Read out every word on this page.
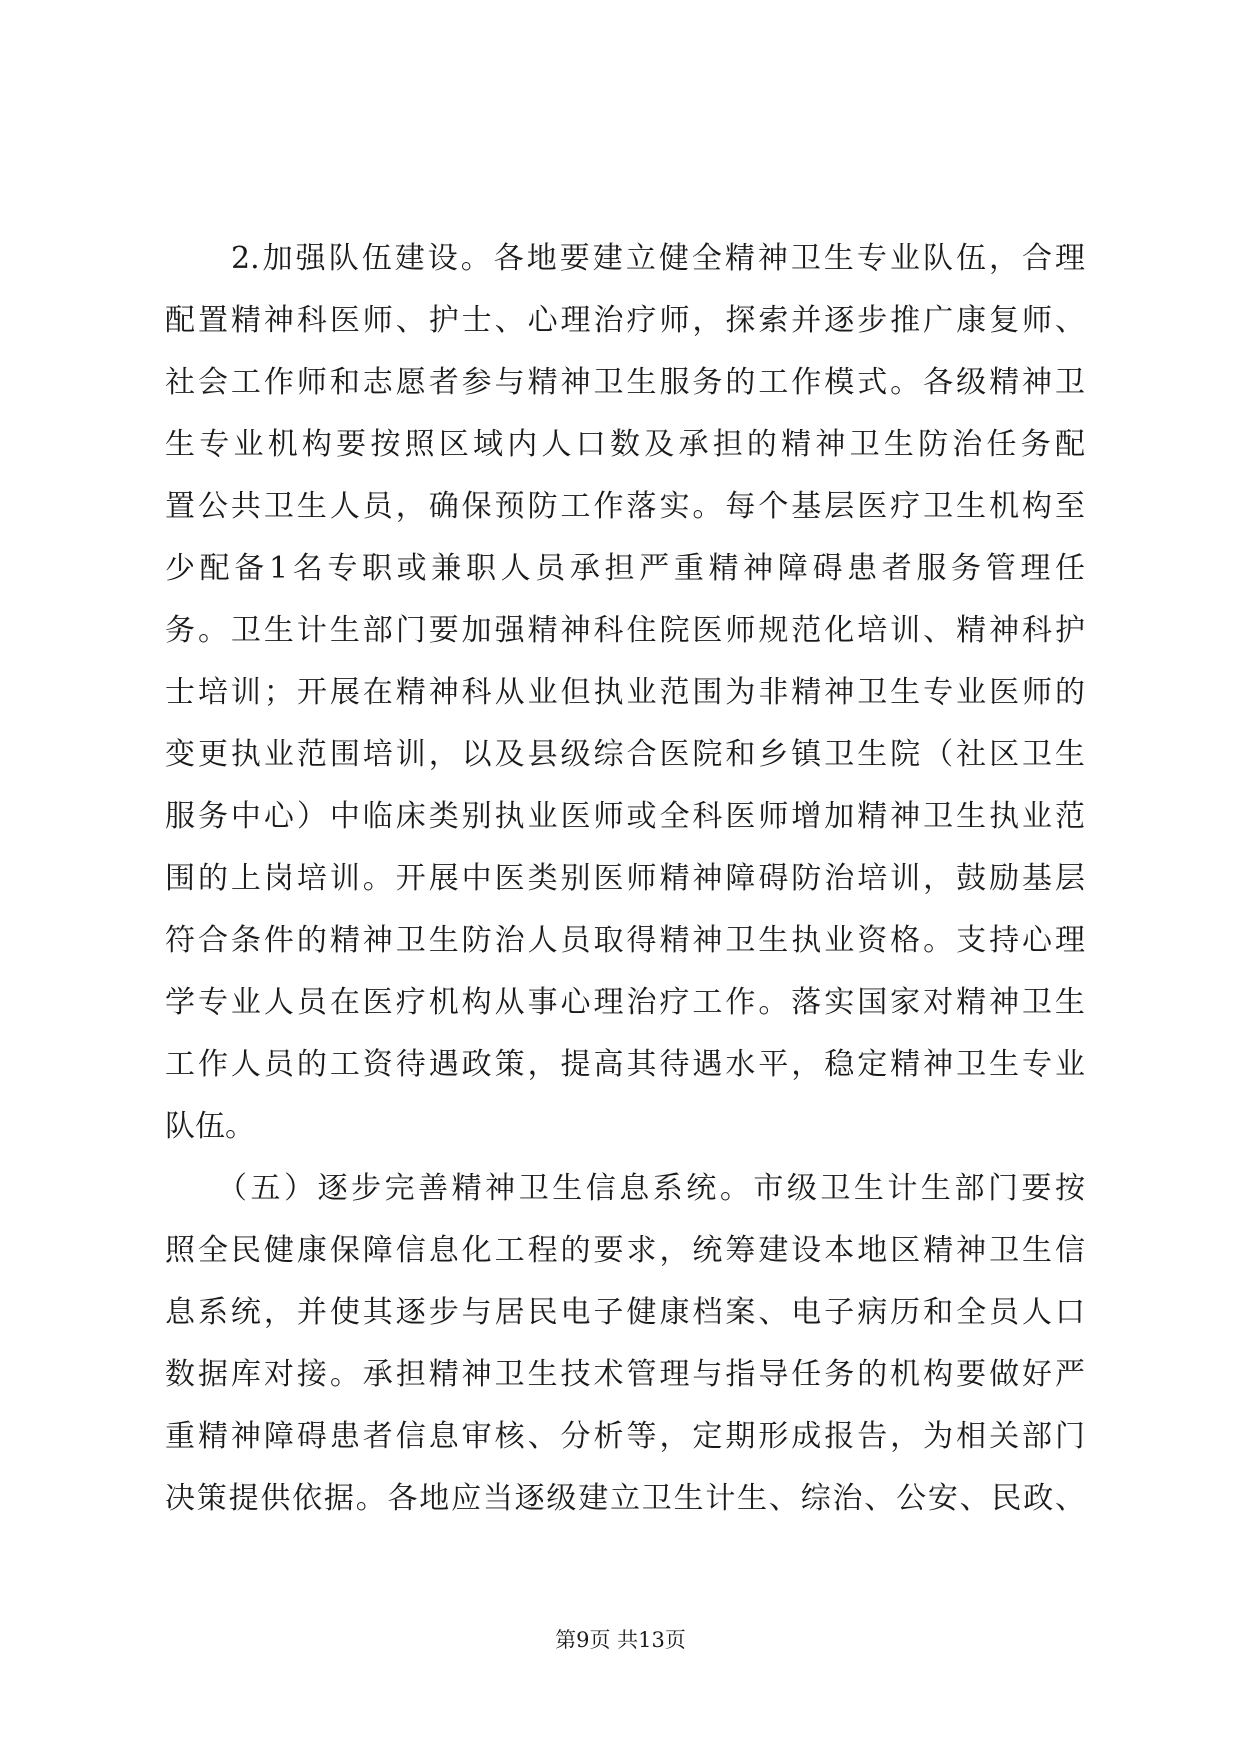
　　2.加强队伍建设。各地要建立健全精神卫生专业队伍，合理
配置精神科医师、护士、心理治疗师，探索并逐步推广康复师、
社会工作师和志愿者参与精神卫生服务的工作模式。各级精神卫
生专业机构要按照区域内人口数及承担的精神卫生防治任务配
置公共卫生人员，确保预防工作落实。每个基层医疗卫生机构至
少配备1名专职或兼职人员承担严重精神障碍患者服务管理任
务。卫生计生部门要加强精神科住院医师规范化培训、精神科护
士培训；开展在精神科从业但执业范围为非精神卫生专业医师的
变更执业范围培训，以及县级综合医院和乡镇卫生院（社区卫生
服务中心）中临床类别执业医师或全科医师增加精神卫生执业范
围的上岗培训。开展中医类别医师精神障碍防治培训，鼓励基层
符合条件的精神卫生防治人员取得精神卫生执业资格。支持心理
学专业人员在医疗机构从事心理治疗工作。落实国家对精神卫生
工作人员的工资待遇政策，提高其待遇水平，稳定精神卫生专业
队伍。
　　（五）逐步完善精神卫生信息系统。市级卫生计生部门要按
照全民健康保障信息化工程的要求，统筹建设本地区精神卫生信
息系统，并使其逐步与居民电子健康档案、电子病历和全员人口
数据库对接。承担精神卫生技术管理与指导任务的机构要做好严
重精神障碍患者信息审核、分析等，定期形成报告，为相关部门
决策提供依据。各地应当逐级建立卫生计生、综治、公安、民政、
第9页 共13页
